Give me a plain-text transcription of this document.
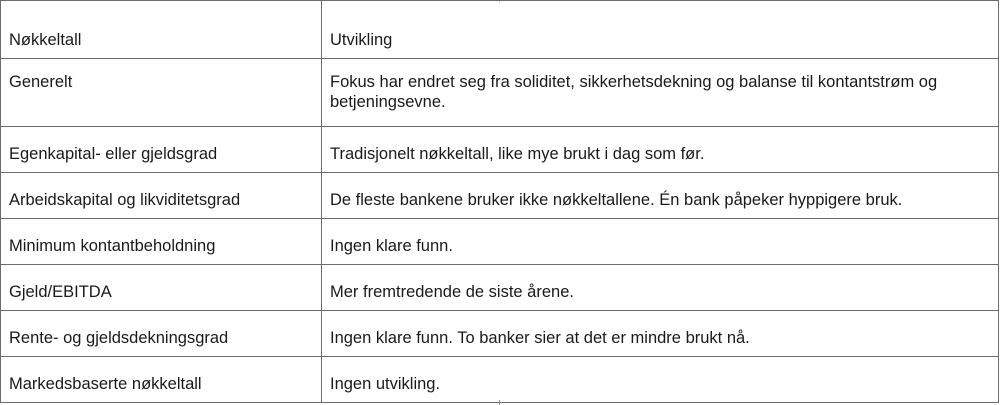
Nøkkeltall	Utvikling
Generelt	Fokus har endret seg fra soliditet, sikkerhetsdekning og balanse til kontantstrøm og betjeningsevne.
Egenkapital- eller gjeldsgrad	Tradisjonelt nøkkeltall, like mye brukt i dag som før.
Arbeidskapital og likviditetsgrad	De fleste bankene bruker ikke nøkkeltallene. Én bank påpeker hyppigere bruk.
Minimum kontantbeholdning	Ingen klare funn.
Gjeld/EBITDA	Mer fremtredende de siste årene.
Rente- og gjeldsdekningsgrad	Ingen klare funn. To banker sier at det er mindre brukt nå.
Markedsbaserte nøkkeltall	Ingen utvikling.
